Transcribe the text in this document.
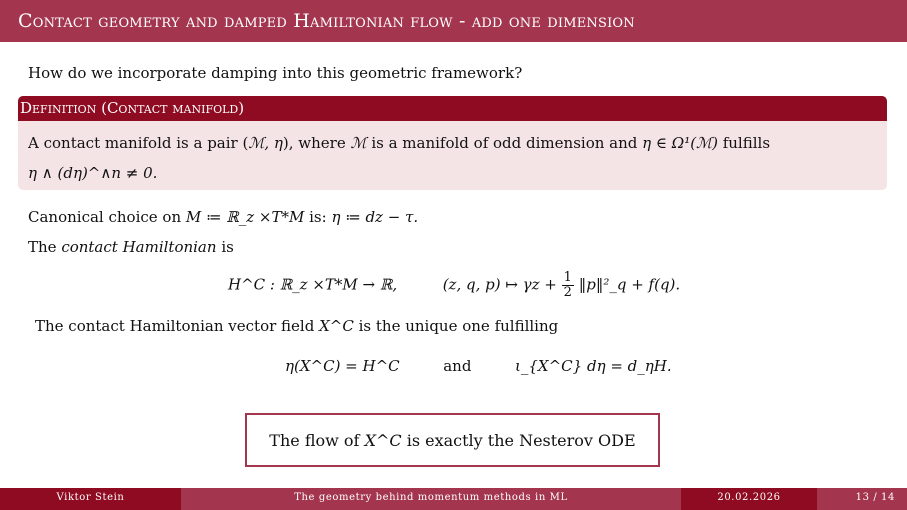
Contact geometry and damped Hamiltonian flow - add one dimension
How do we incorporate damping into this geometric framework?
Definition (Contact manifold)
A contact manifold is a pair (ℳ, η), where ℳ is a manifold of odd dimension and η ∈ Ω¹(ℳ) fulfills
η ∧ (dη)^∧n ≠ 0.
Canonical choice on M ≔ ℝ_z ×T*M is: η ≔ dz − τ.
The contact Hamiltonian is
H^C : ℝ_z ×T*M → ℝ,	(z, q, p) ↦ $\gamma z + \frac{1}{2}$ ‖p‖²_q + f(q).
The contact Hamiltonian vector field X^C is the unique one fulfilling
η(X^C) = H^C	and	ι_{X^C} dη = d_ηH.
The flow of
X^C
is exactly the Nesterov ODE
Viktor Stein	The geometry behind momentum methods in ML	20.02.2026	13 / 14
